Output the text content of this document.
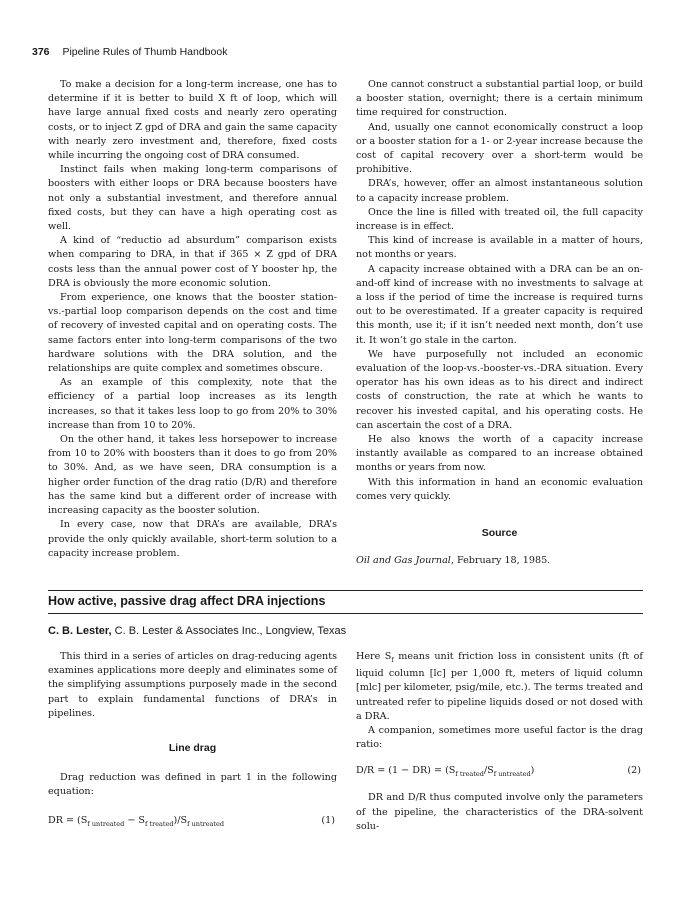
376 Pipeline Rules of Thumb Handbook

To make a decision for a long-term increase, one has to determine if it is better to build X ft of loop, which will have large annual fixed costs and nearly zero operating costs, or to inject Z gpd of DRA and gain the same capacity with nearly zero investment and, therefore, fixed costs while incurring the ongoing cost of DRA consumed.

Instinct fails when making long-term comparisons of boosters with either loops or DRA because boosters have not only a substantial investment, and therefore annual fixed costs, but they can have a high operating cost as well.

A kind of “reductio ad absurdum” comparison exists when comparing to DRA, in that if 365 × Z gpd of DRA costs less than the annual power cost of Y booster hp, the DRA is obviously the more economic solution.

From experience, one knows that the booster station-vs.-partial loop comparison depends on the cost and time of recovery of invested capital and on operating costs. The same factors enter into long-term comparisons of the two hardware solutions with the DRA solution, and the relationships are quite complex and sometimes obscure.

As an example of this complexity, note that the efficiency of a partial loop increases as its length increases, so that it takes less loop to go from 20% to 30% increase than from 10 to 20%.

On the other hand, it takes less horsepower to increase from 10 to 20% with boosters than it does to go from 20% to 30%. And, as we have seen, DRA consumption is a higher order function of the drag ratio (D/R) and therefore has the same kind but a different order of increase with increasing capacity as the booster solution.

In every case, now that DRA’s are available, DRA’s provide the only quickly available, short-term solution to a capacity increase problem.

One cannot construct a substantial partial loop, or build a booster station, overnight; there is a certain minimum time required for construction.

And, usually one cannot economically construct a loop or a booster station for a 1- or 2-year increase because the cost of capital recovery over a short-term would be prohibitive.

DRA’s, however, offer an almost instantaneous solution to a capacity increase problem.

Once the line is filled with treated oil, the full capacity increase is in effect.

This kind of increase is available in a matter of hours, not months or years.

A capacity increase obtained with a DRA can be an on-and-off kind of increase with no investments to salvage at a loss if the period of time the increase is required turns out to be overestimated. If a greater capacity is required this month, use it; if it isn’t needed next month, don’t use it. It won’t go stale in the carton.

We have purposefully not included an economic evaluation of the loop-vs.-booster-vs.-DRA situation. Every operator has his own ideas as to his direct and indirect costs of construction, the rate at which he wants to recover his invested capital, and his operating costs. He can ascertain the cost of a DRA.

He also knows the worth of a capacity increase instantly available as compared to an increase obtained months or years from now.

With this information in hand an economic evaluation comes very quickly.

Source

Oil and Gas Journal, February 18, 1985.

How active, passive drag affect DRA injections
C. B. Lester, C. B. Lester & Associates Inc., Longview, Texas

This third in a series of articles on drag-reducing agents examines applications more deeply and eliminates some of the simplifying assumptions purposely made in the second part to explain fundamental functions of DRA’s in pipelines.

Line drag

Drag reduction was defined in part 1 in the following equation:

DR = $(S_{f untreated} - S_{f treated})/S_{f untreated}$	(1)

Here $S_f$ means unit friction loss in consistent units (ft of liquid column [lc] per 1,000 ft, meters of liquid column [mlc] per kilometer, psig/mile, etc.). The terms treated and untreated refer to pipeline liquids dosed or not dosed with a DRA.

A companion, sometimes more useful factor is the drag ratio:

$D/R = (1 - DR) = (S_{f treated}/S_{f untreated})$	(2)

DR and D/R thus computed involve only the parameters of the pipeline, the characteristics of the DRA-solvent solu-
